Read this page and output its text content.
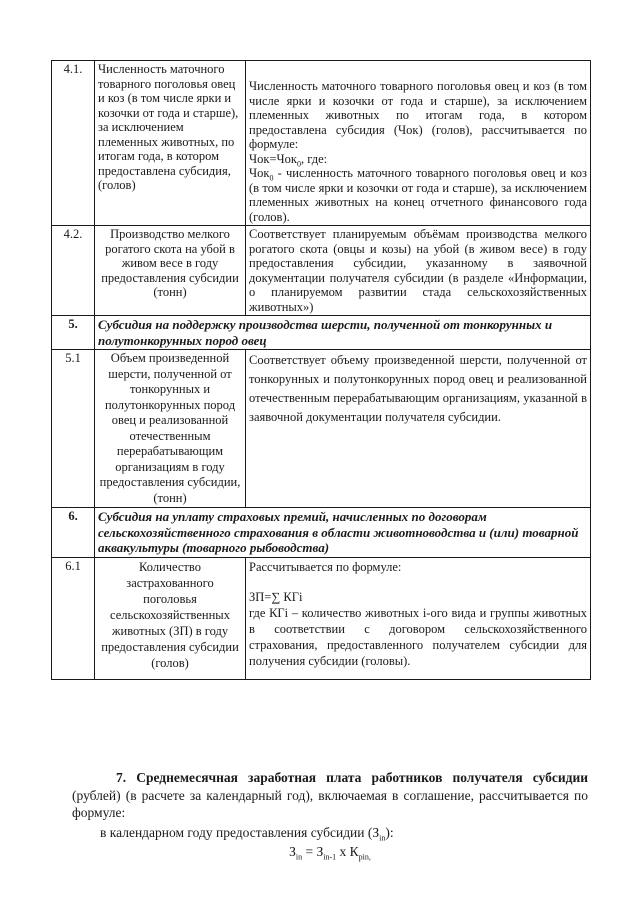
4.1.	Численность маточного товарного поголовья овец и коз (в том числе ярки и козочки от года и старше), за исключением племенных животных, по итогам года, в котором предоставлена субсидия, (голов)	Численность маточного товарного поголовья овец и коз (в том числе ярки и козочки от года и старше), за исключением племенных животных по итогам года, в котором предоставлена субсидия (Чок) (голов), рассчитывается по формуле:

Чок=Чок$_0$, где:

Чок$_0$ - численность маточного товарного поголовья овец и коз (в том числе ярки и козочки от года и старше), за исключением племенных животных на конец отчетного финансового года (голов).

4.2.	Производство мелкого рогатого скота на убой в живом весе в году предоставления субсидии (тонн)	Соответствует планируемым объёмам производства мелкого рогатого скота (овцы и козы) на убой (в живом весе) в году предоставления субсидии, указанному в заявочной документации получателя субсидии (в разделе «Информации, о планируемом развитии стада сельскохозяйственных животных»)
5.	Субсидия на поддержку производства шерсти, полученной от тонкорунных и полутонкорунных пород овец	
5.1	Объем произведенной шерсти, полученной от тонкорунных и полутонкорунных пород овец и реализованной отечественным перерабатывающим организациям в году предоставления субсидии, (тонн)	Соответствует объему произведенной шерсти, полученной от тонкорунных и полутонкорунных пород овец и реализованной отечественным перерабатывающим организациям, указанной в заявочной документации получателя субсидии.
6.	Субсидия на уплату страховых премий, начисленных по договорам сельскохозяйственного страхования в области животноводства и (или) товарной аквакультуры (товарного рыбоводства)	
6.1	Количество застрахованного поголовья сельскохозяйственных животных (ЗП) в году предоставления субсидии (голов)	Рассчитывается по формуле:

ЗП=∑ КГi

где КГi – количество животных i-ого вида и группы животных в соответствии с договором сельскохозяйственного страхования, предоставленного получателем субсидии для получения субсидии (головы).

7. Среднемесячная заработная плата работников получателя субсидии (рублей) (в расчете за календарный год), включаемая в соглашение, рассчитывается по формуле:

в календарном году предоставления субсидии $(З_{in})$:

$З_{in} = З_{in-1}$ х $К_{pin,}$
